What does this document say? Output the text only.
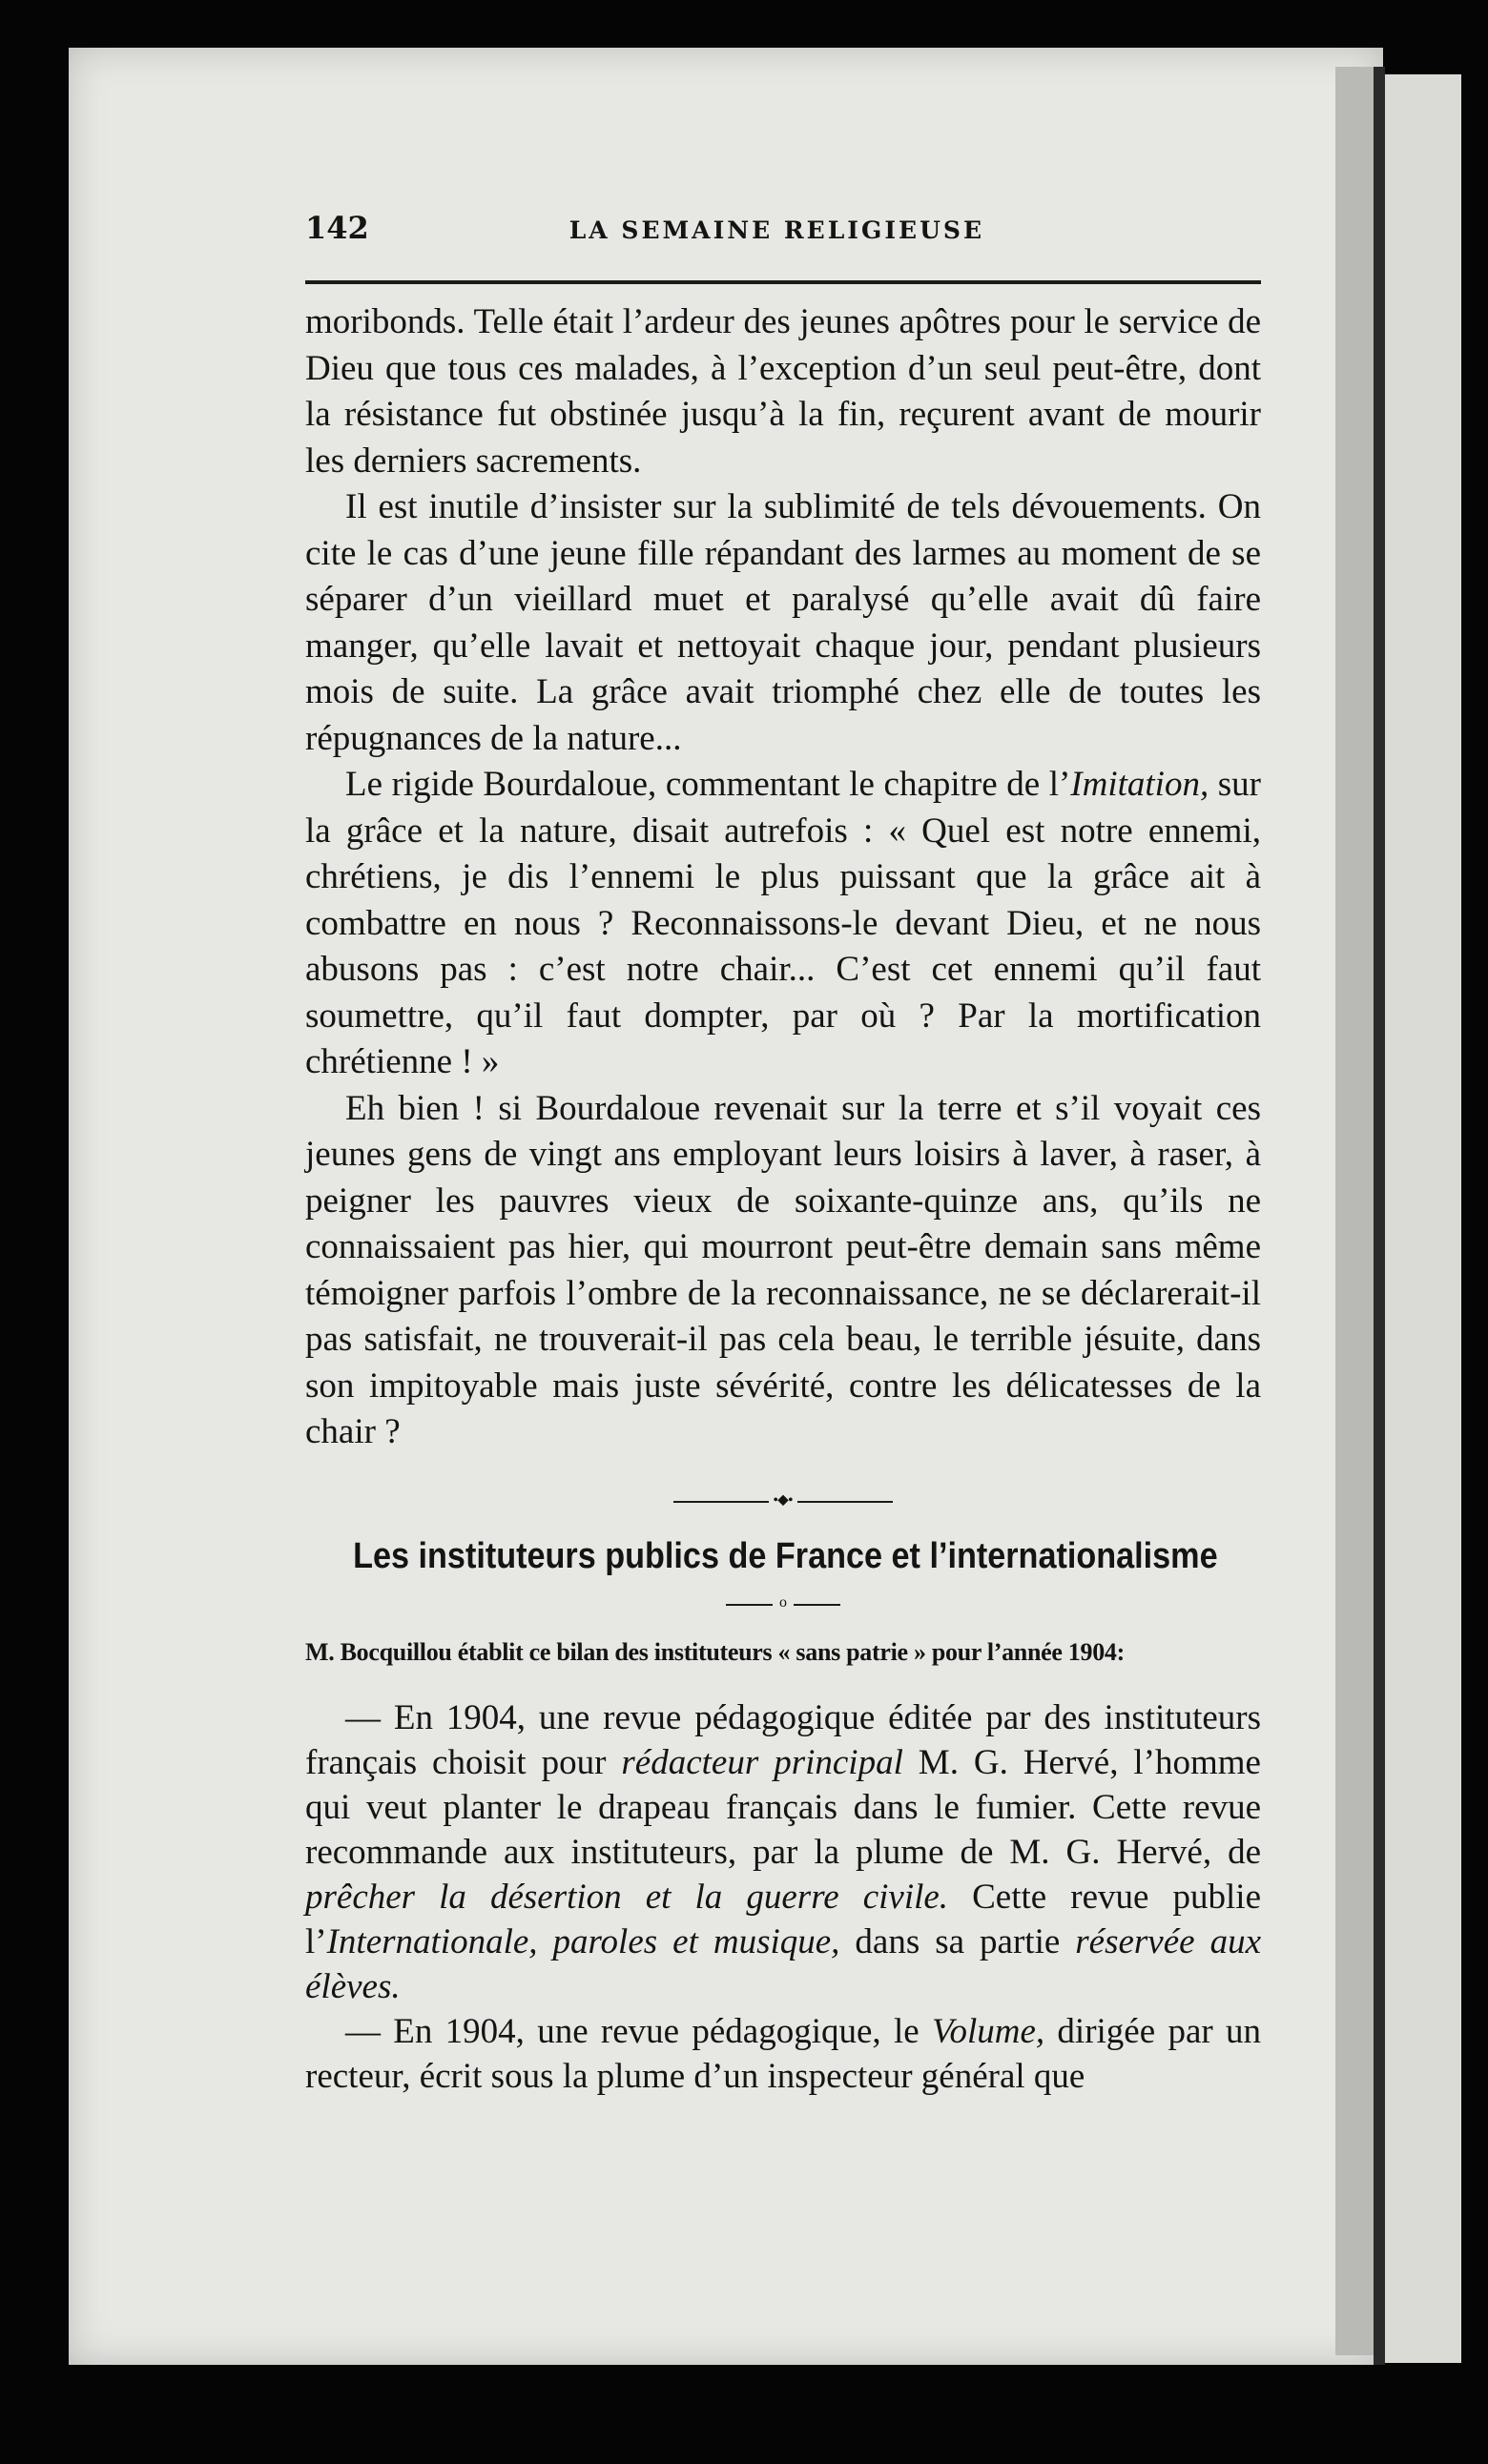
142	LA SEMAINE RELIGIEUSE

moribonds. Telle était l’ardeur des jeunes apôtres pour le service de Dieu que tous ces malades, à l’exception d’un seul peut-être, dont la résistance fut obstinée jusqu’à la fin, reçurent avant de mourir les derniers sacrements.

Il est inutile d’insister sur la sublimité de tels dévouements. On cite le cas d’une jeune fille répandant des larmes au moment de se séparer d’un vieillard muet et paralysé qu’elle avait dû faire manger, qu’elle lavait et nettoyait chaque jour, pendant plusieurs mois de suite. La grâce avait triomphé chez elle de toutes les répugnances de la nature...

Le rigide Bourdaloue, commentant le chapitre de l’Imitation, sur la grâce et la nature, disait autrefois : « Quel est notre ennemi, chrétiens, je dis l’ennemi le plus puissant que la grâce ait à combattre en nous ? Reconnaissons-le devant Dieu, et ne nous abusons pas : c’est notre chair... C’est cet ennemi qu’il faut soumettre, qu’il faut dompter, par où ? Par la mortification chrétienne ! »

Eh bien ! si Bourdaloue revenait sur la terre et s’il voyait ces jeunes gens de vingt ans employant leurs loisirs à laver, à raser, à peigner les pauvres vieux de soixante-quinze ans, qu’ils ne connaissaient pas hier, qui mourront peut-être demain sans même témoigner parfois l’ombre de la reconnaissance, ne se déclarerait-il pas satisfait, ne trouverait-il pas cela beau, le terrible jésuite, dans son impitoyable mais juste sévérité, contre les délicatesses de la chair ?

•◆•
Les instituteurs publics de France et l’internationalisme
o

M. Bocquillou établit ce bilan des instituteurs « sans patrie » pour l’année 1904:

— En 1904, une revue pédagogique éditée par des instituteurs français choisit pour rédacteur principal M. G. Hervé, l’homme qui veut planter le drapeau français dans le fumier. Cette revue recommande aux instituteurs, par la plume de M. G. Hervé, de prêcher la désertion et la guerre civile. Cette revue publie l’Internationale, paroles et musique, dans sa partie réservée aux élèves.

— En 1904, une revue pédagogique, le Volume, dirigée par un recteur, écrit sous la plume d’un inspecteur général que
